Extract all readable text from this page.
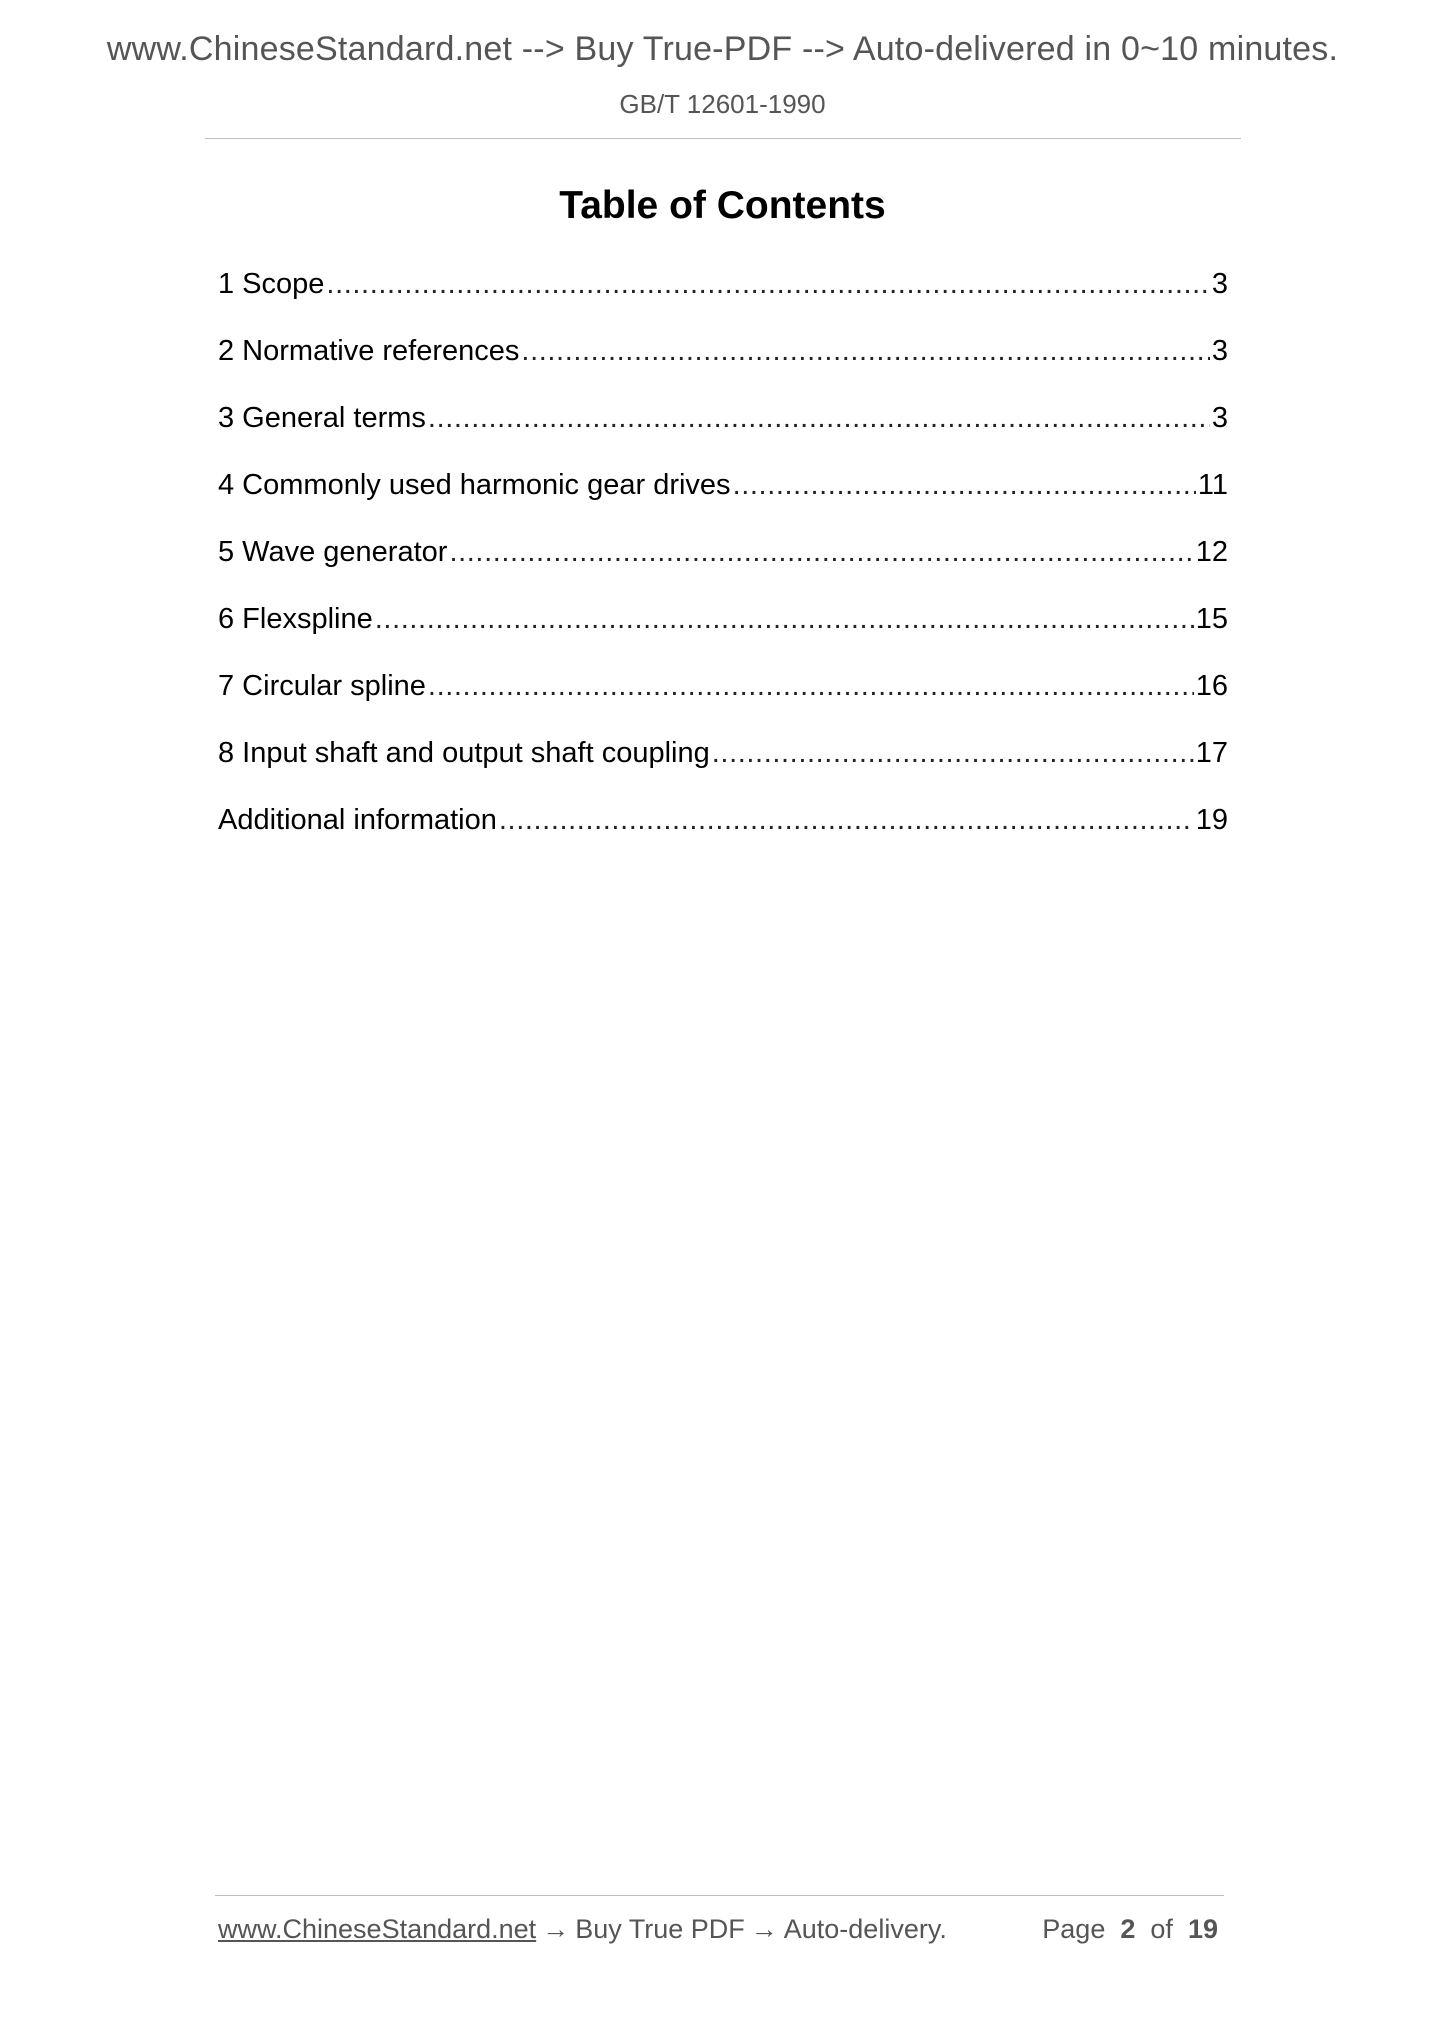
www.ChineseStandard.net --> Buy True-PDF --> Auto-delivered in 0~10 minutes.
GB/T 12601-1990
Table of Contents
1 Scope .....	3
2 Normative references .....	3
3 General terms .....	3
4 Commonly used harmonic gear drives .....	11
5 Wave generator .....	12
6 Flexspline .....	15
7 Circular spline .....	16
8 Input shaft and output shaft coupling .....	17
Additional information .....	19
www.ChineseStandard.net → Buy True PDF → Auto-delivery.	Page 2 of 19
